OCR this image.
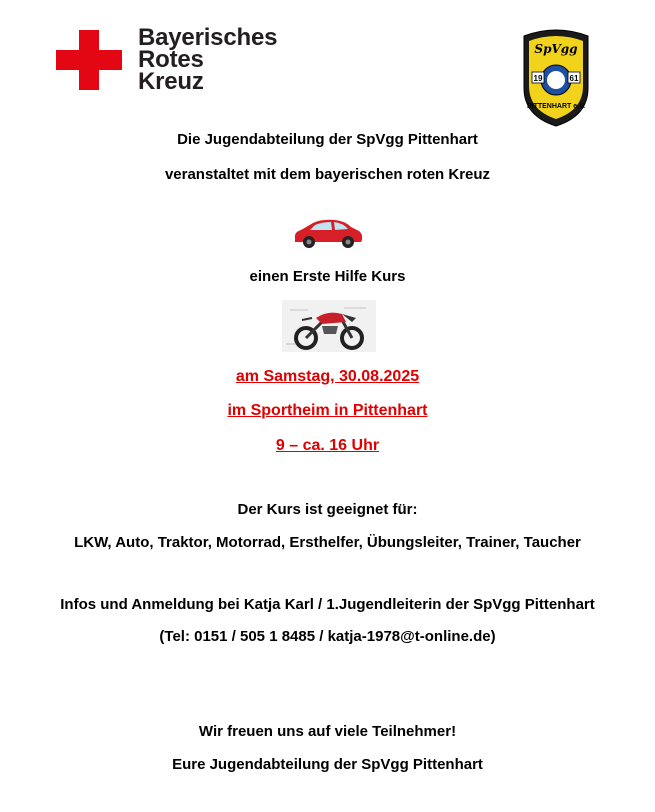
Bayerisches
Rotes
Kreuz
SpVgg
19	61
PITTENHART e.V.
Die Jugendabteilung der SpVgg Pittenhart
veranstaltet mit dem bayerischen roten Kreuz
einen Erste Hilfe Kurs
am Samstag, 30.08.2025
im Sportheim in Pittenhart
9 – ca. 16 Uhr
Der Kurs ist geeignet für:
LKW, Auto, Traktor, Motorrad, Ersthelfer, Übungsleiter, Trainer, Taucher
Infos und Anmeldung bei Katja Karl / 1.Jugendleiterin der SpVgg Pittenhart
(Tel: 0151 / 505 1 8485 / katja-1978@t-online.de)
Wir freuen uns auf viele Teilnehmer!
Eure Jugendabteilung der SpVgg Pittenhart
